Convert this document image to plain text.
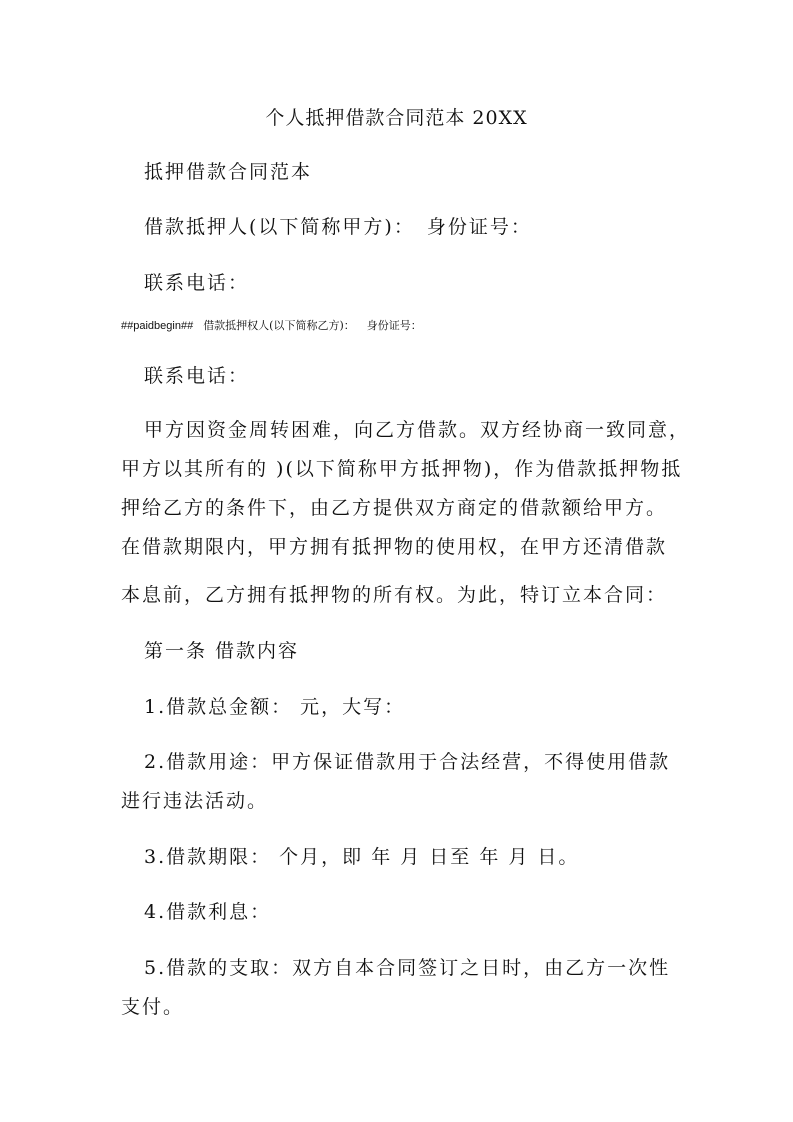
个人抵押借款合同范本 20XX
抵押借款合同范本
借款抵押人(以下简称甲方)： 身份证号：
联系电话：
##paidbegin## 借款抵押权人(以下简称乙方)： 身份证号：
联系电话：
甲方因资金周转困难，向乙方借款。双方经协商一致同意，
甲方以其所有的 )(以下简称甲方抵押物)，作为借款抵押物抵
押给乙方的条件下，由乙方提供双方商定的借款额给甲方。
在借款期限内，甲方拥有抵押物的使用权，在甲方还清借款
本息前，乙方拥有抵押物的所有权。为此，特订立本合同：
第一条 借款内容
1.借款总金额： 元，大写：
2.借款用途：甲方保证借款用于合法经营，不得使用借款
进行违法活动。
3.借款期限： 个月，即 年 月 日至 年 月 日。
4.借款利息：
5.借款的支取：双方自本合同签订之日时，由乙方一次性
支付。
